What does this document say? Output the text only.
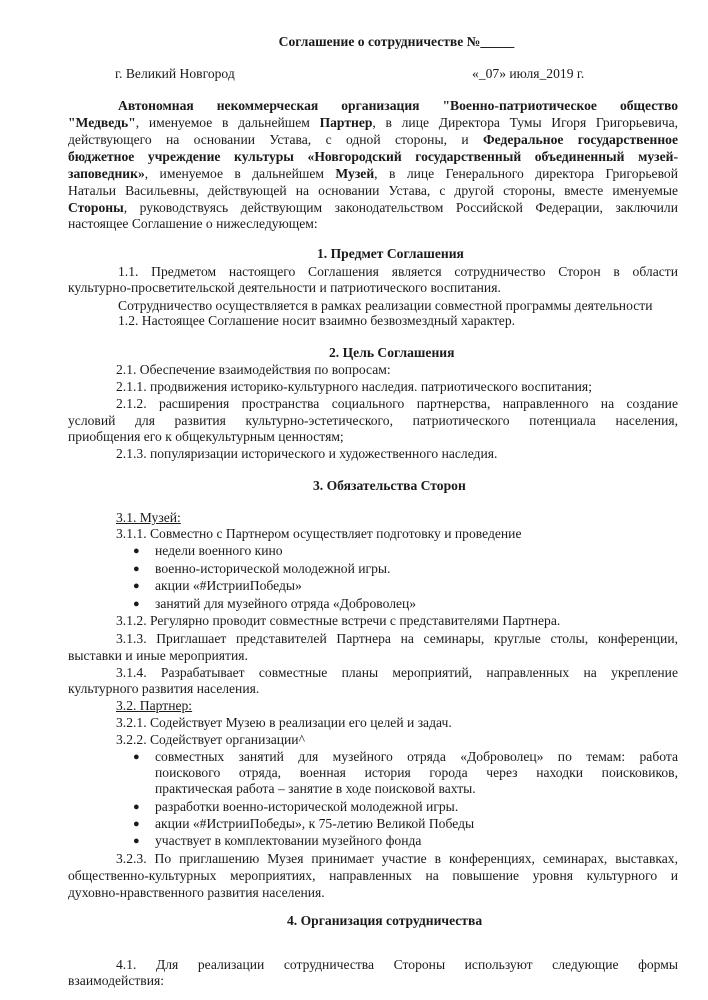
Соглашение о сотрудничестве №_____
г. Великий Новгород	«_07» июля_2019 г.
Автономная некоммерческая организация "Военно-патриотическое общество
"Медведь", именуемое в дальнейшем Партнер, в лице Директора Тумы Игоря Григорьевича,
действующего на основании Устава, с одной стороны, и Федеральное государственное
бюджетное учреждение культуры «Новгородский государственный объединенный музей-
заповедник», именуемое в дальнейшем Музей, в лице Генерального директора Григорьевой
Натальи Васильевны, действующей на основании Устава, с другой стороны, вместе именуемые
Стороны, руководствуясь действующим законодательством Российской Федерации, заключили
настоящее Соглашение о нижеследующем:
1. Предмет Соглашения
1.1. Предметом настоящего Соглашения является сотрудничество Сторон в области
культурно-просветительской деятельности и патриотического воспитания.
Сотрудничество осуществляется в рамках реализации совместной программы деятельности
1.2. Настоящее Соглашение носит взаимно безвозмездный характер.
2. Цель Соглашения
2.1. Обеспечение взаимодействия по вопросам:
2.1.1. продвижения историко-культурного наследия. патриотического воспитания;
2.1.2. расширения пространства социального партнерства, направленного на создание
условий для развития культурно-эстетического, патриотического потенциала населения,
приобщения его к общекультурным ценностям;
2.1.3. популяризации исторического и художественного наследия.
3. Обязательства Сторон
3.1. Музей:
3.1.1. Совместно с Партнером осуществляет подготовку и проведение
● недели военного кино
● военно-исторической молодежной игры.
● акции «#ИстрииПобеды»
● занятий для музейного отряда «Доброволец»
3.1.2. Регулярно проводит совместные встречи с представителями Партнера.
3.1.3. Приглашает представителей Партнера на семинары, круглые столы, конференции,
выставки и иные мероприятия.
3.1.4. Разрабатывает совместные планы мероприятий, направленных на укрепление
культурного развития населения.
3.2. Партнер:
3.2.1. Содействует Музею в реализации его целей и задач.
3.2.2. Содействует организации^
● совместных занятий для музейного отряда «Доброволец» по темам: работа
поискового отряда, военная история города через находки поисковиков,
практическая работа – занятие в ходе поисковой вахты.
● разработки военно-исторической молодежной игры.
● акции «#ИстрииПобеды», к 75-летию Великой Победы
● участвует в комплектовании музейного фонда
3.2.3. По приглашению Музея принимает участие в конференциях, семинарах, выставках,
общественно-культурных мероприятиях, направленных на повышение уровня культурного и
духовно-нравственного развития населения.
4. Организация сотрудничества
4.1. Для реализации сотрудничества Стороны используют следующие формы
взаимодействия:
